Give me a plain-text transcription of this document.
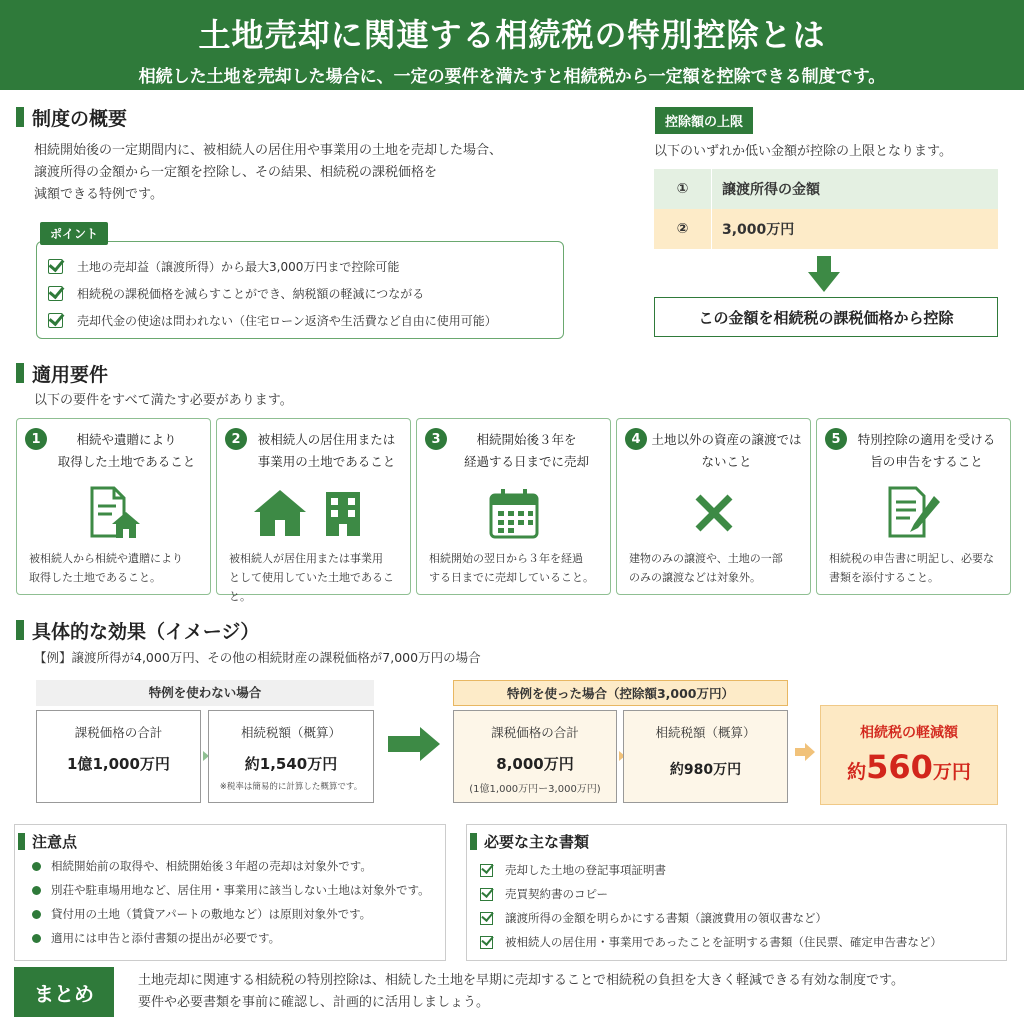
土地売却に関連する相続税の特別控除とは
相続した土地を売却した場合に、一定の要件を満たすと相続税から一定額を控除できる制度です。
制度の概要
相続開始後の一定期間内に、被相続人の居住用や事業用の土地を売却した場合、
譲渡所得の金額から一定額を控除し、その結果、相続税の課税価格を
減額できる特例です。
ポイント
土地の売却益（譲渡所得）から最大3,000万円まで控除可能
相続税の課税価格を減らすことができ、納税額の軽減につながる
売却代金の使途は問われない（住宅ローン返済や生活費など自由に使用可能）
控除額の上限
以下のいずれか低い金額が控除の上限となります。
①	譲渡所得の金額
②	3,000万円
この金額を相続税の課税価格から控除
適用要件
以下の要件をすべて満たす必要があります。
1	相続や遺贈により
取得した土地であること
被相続人から相続や遺贈により
取得した土地であること。
2	被相続人の居住用または
事業用の土地であること
被相続人が居住用または事業用
として使用していた土地であること。
3	相続開始後３年を
経過する日までに売却
相続開始の翌日から３年を経過
する日までに売却していること。
4 土地以外の資産の譲渡では
ないこと
建物のみの譲渡や、土地の一部
のみの譲渡などは対象外。
5	特別控除の適用を受ける
旨の申告をすること
相続税の申告書に明記し、必要な
書類を添付すること。
具体的な効果（イメージ）
【例】譲渡所得が4,000万円、その他の相続財産の課税価格が7,000万円の場合
特例を使わない場合	特例を使った場合（控除額3,000万円）
課税価格の合計
1億1,000万円
相続税額（概算）
約1,540万円
※税率は簡易的に計算した概算です。
課税価格の合計
8,000万円
(1億1,000万円ー3,000万円)
相続税額（概算）
約980万円
相続税の軽減額
約560万円
注意点
相続開始前の取得や、相続開始後３年超の売却は対象外です。
別荘や駐車場用地など、居住用・事業用に該当しない土地は対象外です。
貸付用の土地（賃貸アパートの敷地など）は原則対象外です。
適用には申告と添付書類の提出が必要です。
必要な主な書類
売却した土地の登記事項証明書
売買契約書のコピー
譲渡所得の金額を明らかにする書類（譲渡費用の領収書など）
被相続人の居住用・事業用であったことを証明する書類（住民票、確定申告書など）
まとめ
土地売却に関連する相続税の特別控除は、相続した土地を早期に売却することで相続税の負担を大きく軽減できる有効な制度です。
要件や必要書類を事前に確認し、計画的に活用しましょう。
